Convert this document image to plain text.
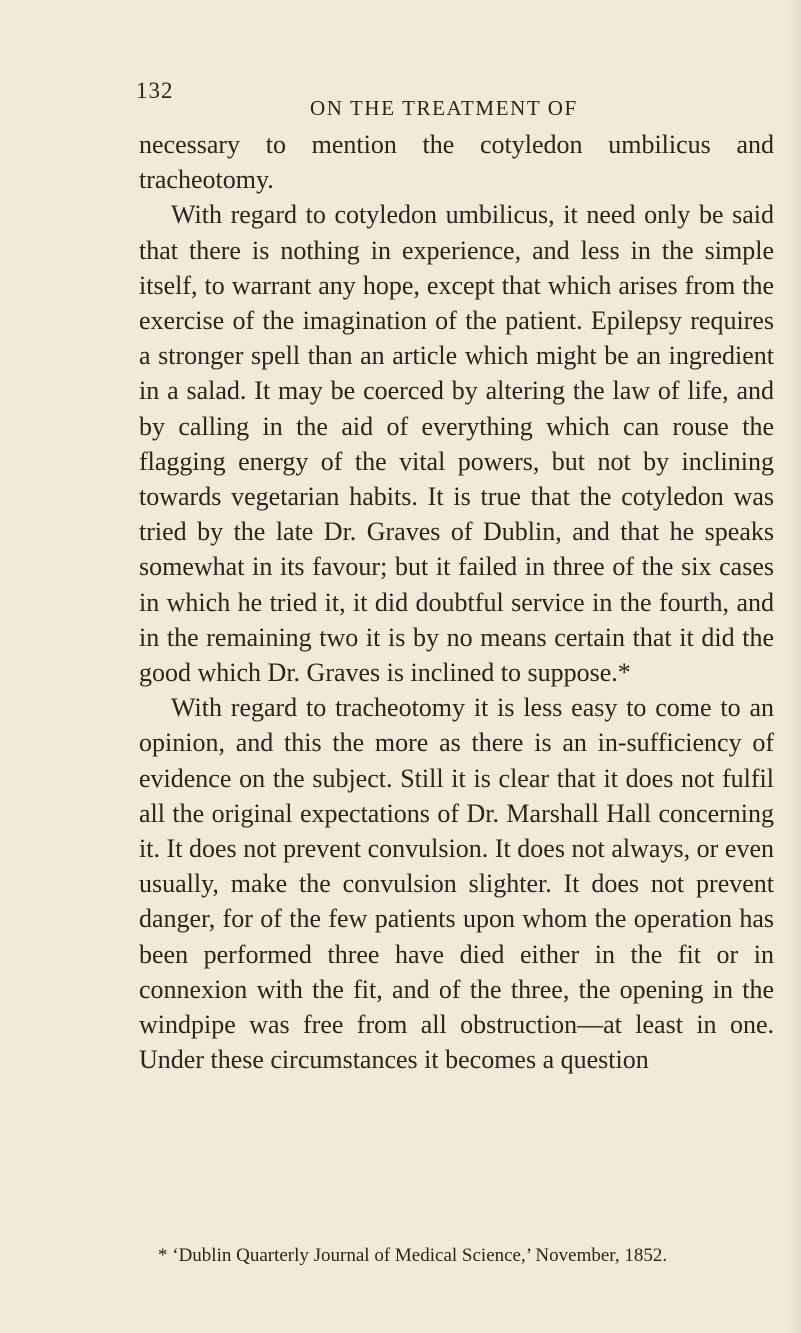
132
ON THE TREATMENT OF

necessary to mention the cotyledon umbilicus and tracheotomy.

With regard to cotyledon umbilicus, it need only be said that there is nothing in experience, and less in the simple itself, to warrant any hope, except that which arises from the exercise of the imagination of the patient. Epilepsy requires a stronger spell than an article which might be an ingredient in a salad. It may be coerced by altering the law of life, and by calling in the aid of everything which can rouse the flagging energy of the vital powers, but not by inclining towards vegetarian habits. It is true that the cotyledon was tried by the late Dr. Graves of Dublin, and that he speaks somewhat in its favour; but it failed in three of the six cases in which he tried it, it did doubtful service in the fourth, and in the remaining two it is by no means certain that it did the good which Dr. Graves is inclined to suppose.*

With regard to tracheotomy it is less easy to come to an opinion, and this the more as there is an in-sufficiency of evidence on the subject. Still it is clear that it does not fulfil all the original expectations of Dr. Marshall Hall concerning it. It does not prevent convulsion. It does not always, or even usually, make the convulsion slighter. It does not prevent danger, for of the few patients upon whom the operation has been performed three have died either in the fit or in connexion with the fit, and of the three, the opening in the windpipe was free from all obstruction—at least in one. Under these circumstances it becomes a question

* ‘Dublin Quarterly Journal of Medical Science,’ November, 1852.
